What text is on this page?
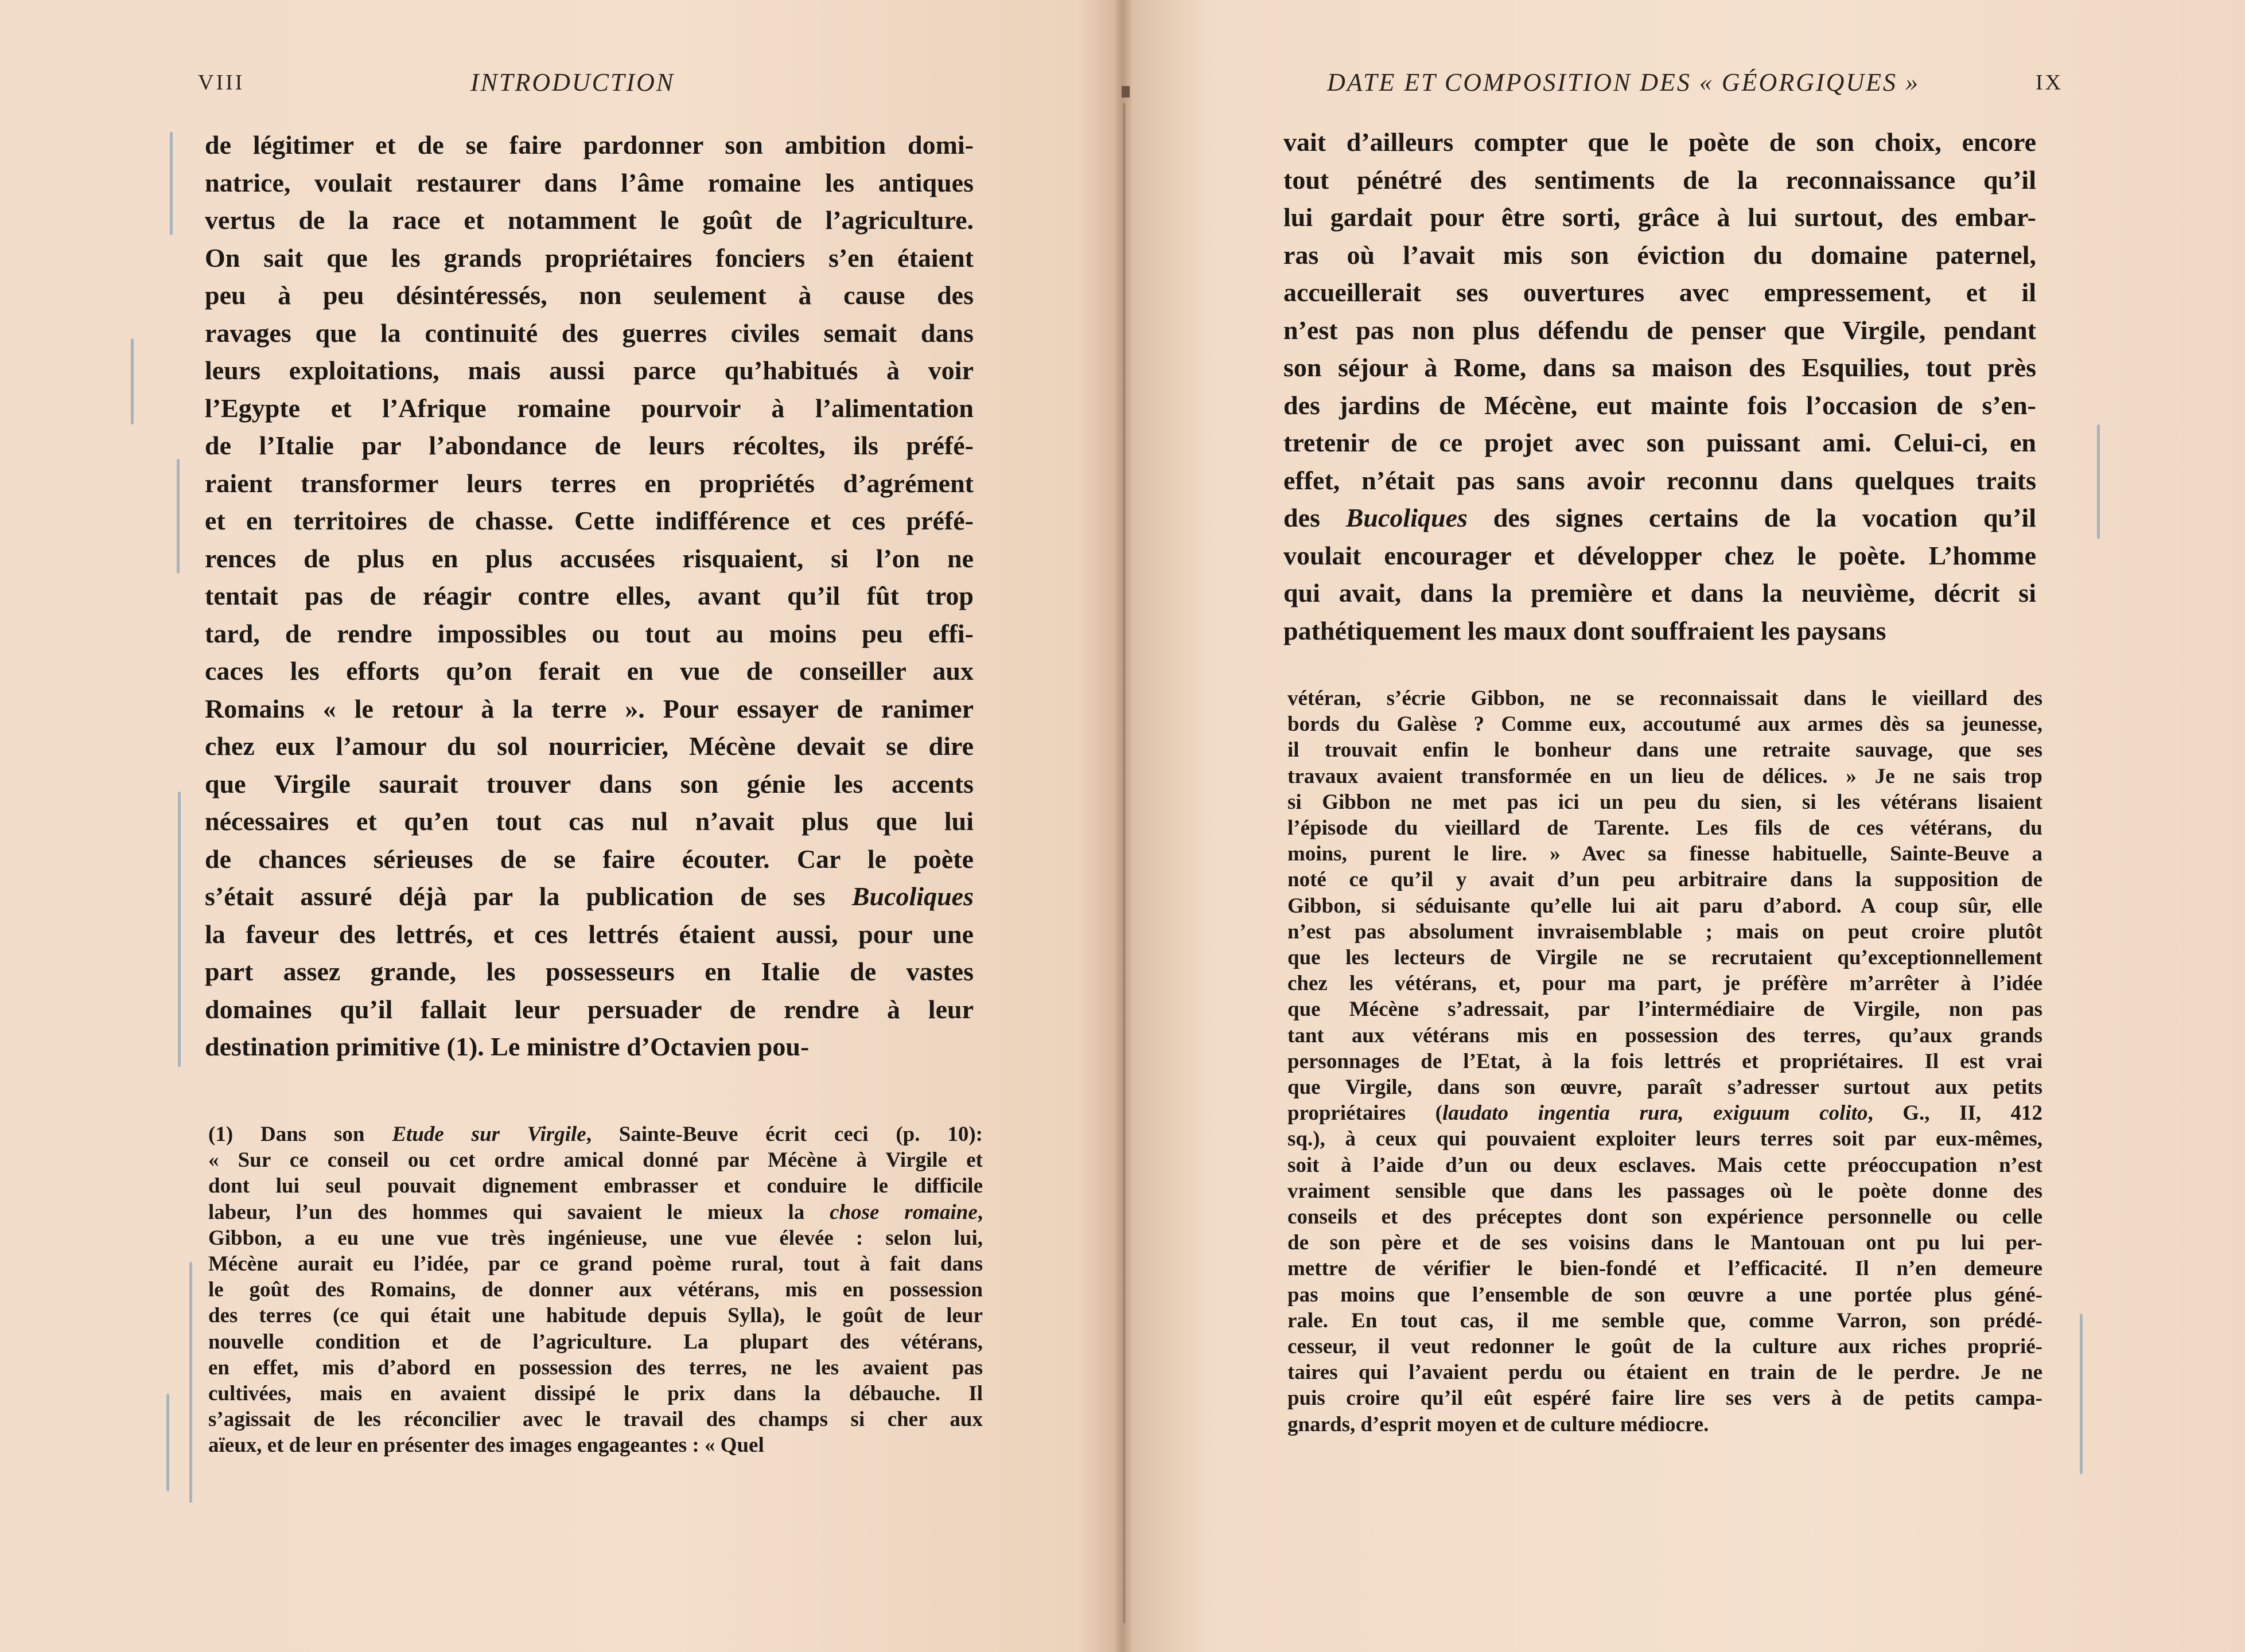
VIII	INTRODUCTION
de légitimer et de se faire pardonner son ambition domi-
natrice, voulait restaurer dans l’âme romaine les antiques
vertus de la race et notamment le goût de l’agriculture.
On sait que les grands propriétaires fonciers s’en étaient
peu à peu désintéressés, non seulement à cause des
ravages que la continuité des guerres civiles semait dans
leurs exploitations, mais aussi parce qu’habitués à voir
l’Egypte et l’Afrique romaine pourvoir à l’alimentation
de l’Italie par l’abondance de leurs récoltes, ils préfé-
raient transformer leurs terres en propriétés d’agrément
et en territoires de chasse. Cette indifférence et ces préfé-
rences de plus en plus accusées risquaient, si l’on ne
tentait pas de réagir contre elles, avant qu’il fût trop
tard, de rendre impossibles ou tout au moins peu effi-
caces les efforts qu’on ferait en vue de conseiller aux
Romains « le retour à la terre ». Pour essayer de ranimer
chez eux l’amour du sol nourricier, Mécène devait se dire
que Virgile saurait trouver dans son génie les accents
nécessaires et qu’en tout cas nul n’avait plus que lui
de chances sérieuses de se faire écouter. Car le poète
s’était assuré déjà par la publication de ses Bucoliques
la faveur des lettrés, et ces lettrés étaient aussi, pour une
part assez grande, les possesseurs en Italie de vastes
domaines qu’il fallait leur persuader de rendre à leur
destination primitive (1). Le ministre d’Octavien pou-
(1) Dans son Etude sur Virgile, Sainte-Beuve écrit ceci (p. 10):
« Sur ce conseil ou cet ordre amical donné par Mécène à Virgile et
dont lui seul pouvait dignement embrasser et conduire le difficile
labeur, l’un des hommes qui savaient le mieux la chose romaine,
Gibbon, a eu une vue très ingénieuse, une vue élevée : selon lui,
Mécène aurait eu l’idée, par ce grand poème rural, tout à fait dans
le goût des Romains, de donner aux vétérans, mis en possession
des terres (ce qui était une habitude depuis Sylla), le goût de leur
nouvelle condition et de l’agriculture. La plupart des vétérans,
en effet, mis d’abord en possession des terres, ne les avaient pas
cultivées, mais en avaient dissipé le prix dans la débauche. Il
s’agissait de les réconcilier avec le travail des champs si cher aux
aïeux, et de leur en présenter des images engageantes : « Quel
DATE ET COMPOSITION DES « GÉORGIQUES »	IX
vait d’ailleurs compter que le poète de son choix, encore
tout pénétré des sentiments de la reconnaissance qu’il
lui gardait pour être sorti, grâce à lui surtout, des embar-
ras où l’avait mis son éviction du domaine paternel,
accueillerait ses ouvertures avec empressement, et il
n’est pas non plus défendu de penser que Virgile, pendant
son séjour à Rome, dans sa maison des Esquilies, tout près
des jardins de Mécène, eut mainte fois l’occasion de s’en-
tretenir de ce projet avec son puissant ami. Celui-ci, en
effet, n’était pas sans avoir reconnu dans quelques traits
des Bucoliques des signes certains de la vocation qu’il
voulait encourager et développer chez le poète. L’homme
qui avait, dans la première et dans la neuvième, décrit si
pathétiquement les maux dont souffraient les paysans
vétéran, s’écrie Gibbon, ne se reconnaissait dans le vieillard des
bords du Galèse ? Comme eux, accoutumé aux armes dès sa jeunesse,
il trouvait enfin le bonheur dans une retraite sauvage, que ses
travaux avaient transformée en un lieu de délices. » Je ne sais trop
si Gibbon ne met pas ici un peu du sien, si les vétérans lisaient
l’épisode du vieillard de Tarente. Les fils de ces vétérans, du
moins, purent le lire. » Avec sa finesse habituelle, Sainte-Beuve a
noté ce qu’il y avait d’un peu arbitraire dans la supposition de
Gibbon, si séduisante qu’elle lui ait paru d’abord. A coup sûr, elle
n’est pas absolument invraisemblable ; mais on peut croire plutôt
que les lecteurs de Virgile ne se recrutaient qu’exceptionnellement
chez les vétérans, et, pour ma part, je préfère m’arrêter à l’idée
que Mécène s’adressait, par l’intermédiaire de Virgile, non pas
tant aux vétérans mis en possession des terres, qu’aux grands
personnages de l’Etat, à la fois lettrés et propriétaires. Il est vrai
que Virgile, dans son œuvre, paraît s’adresser surtout aux petits
propriétaires (laudato ingentia rura, exiguum colito, G., II, 412
sq.), à ceux qui pouvaient exploiter leurs terres soit par eux-mêmes,
soit à l’aide d’un ou deux esclaves. Mais cette préoccupation n’est
vraiment sensible que dans les passages où le poète donne des
conseils et des préceptes dont son expérience personnelle ou celle
de son père et de ses voisins dans le Mantouan ont pu lui per-
mettre de vérifier le bien-fondé et l’efficacité. Il n’en demeure
pas moins que l’ensemble de son œuvre a une portée plus géné-
rale. En tout cas, il me semble que, comme Varron, son prédé-
cesseur, il veut redonner le goût de la culture aux riches proprié-
taires qui l’avaient perdu ou étaient en train de le perdre. Je ne
puis croire qu’il eût espéré faire lire ses vers à de petits campa-
gnards, d’esprit moyen et de culture médiocre.
